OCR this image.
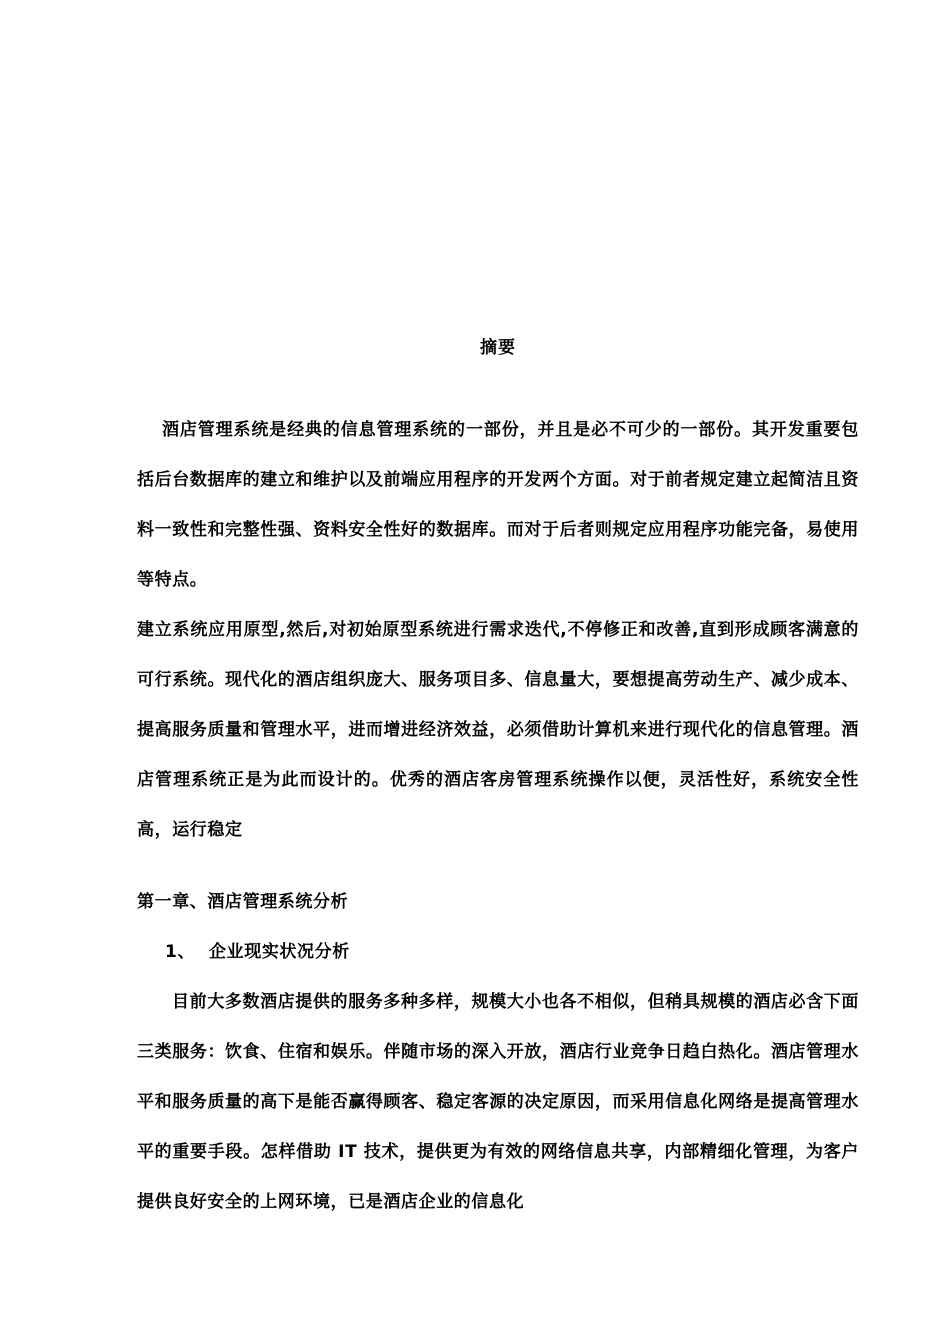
摘要

酒店管理系统是经典的信息管理系统的一部份，并且是必不可少的一部份。其开发重要包括后台数据库的建立和维护以及前端应用程序的开发两个方面。对于前者规定建立起简洁且资料一致性和完整性强、资料安全性好的数据库。而对于后者则规定应用程序功能完备，易使用等特点。

建立系统应用原型,然后,对初始原型系统进行需求迭代,不停修正和改善,直到形成顾客满意的可行系统。现代化的酒店组织庞大、服务项目多、信息量大，要想提高劳动生产、减少成本、提高服务质量和管理水平，进而增进经济效益，必须借助计算机来进行现代化的信息管理。酒店管理系统正是为此而设计的。优秀的酒店客房管理系统操作以便，灵活性好，系统安全性高，运行稳定

第一章、酒店管理系统分析
1、 企业现实状况分析

目前大多数酒店提供的服务多种多样，规模大小也各不相似，但稍具规模的酒店必含下面三类服务：饮食、住宿和娱乐。伴随市场的深入开放，酒店行业竞争日趋白热化。酒店管理水平和服务质量的高下是能否赢得顾客、稳定客源的决定原因，而采用信息化网络是提高管理水平的重要手段。怎样借助 IT 技术，提供更为有效的网络信息共享，内部精细化管理，为客户提供良好安全的上网环境，已是酒店企业的信息化
